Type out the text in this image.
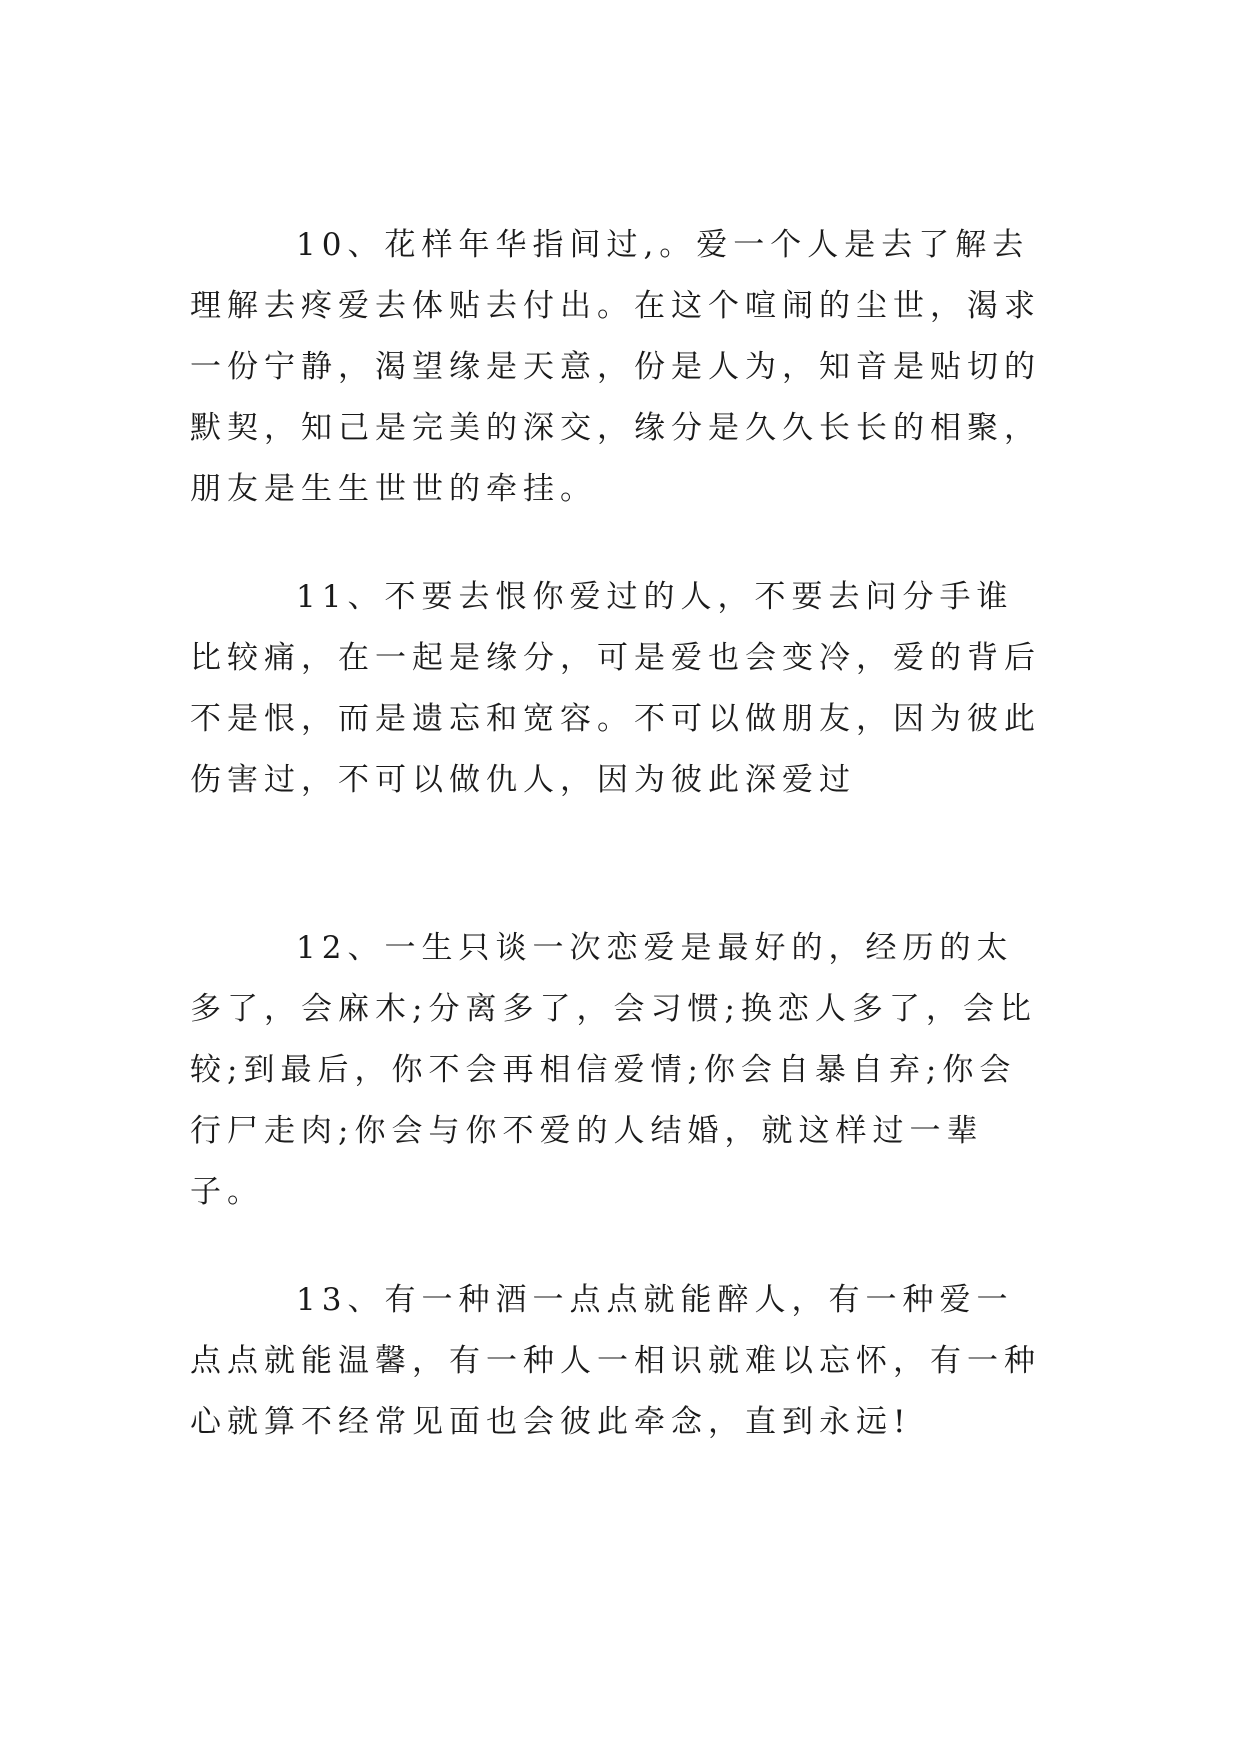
10、花样年华指间过,。爱一个人是去了解去理解去疼爱去体贴去付出。在这个喧闹的尘世，渴求一份宁静，渴望缘是天意，份是人为，知音是贴切的默契，知己是完美的深交，缘分是久久长长的相聚，朋友是生生世世的牵挂。

11、不要去恨你爱过的人，不要去问分手谁比较痛，在一起是缘分，可是爱也会变冷，爱的背后不是恨，而是遗忘和宽容。不可以做朋友，因为彼此伤害过，不可以做仇人，因为彼此深爱过

12、一生只谈一次恋爱是最好的，经历的太多了，会麻木;分离多了，会习惯;换恋人多了，会比较;到最后，你不会再相信爱情;你会自暴自弃;你会行尸走肉;你会与你不爱的人结婚，就这样过一辈子。

13、有一种酒一点点就能醉人，有一种爱一点点就能温馨，有一种人一相识就难以忘怀，有一种心就算不经常见面也会彼此牵念，直到永远!
